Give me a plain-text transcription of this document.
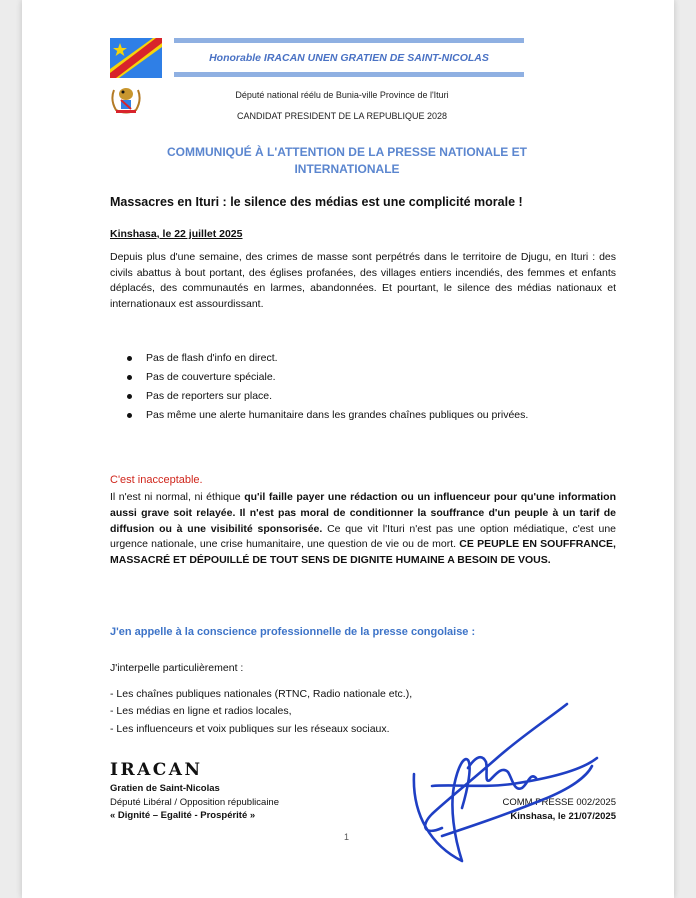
Honorable IRACAN UNEN GRATIEN DE SAINT-NICOLAS
Député national réélu de Bunia-ville Province de l'Ituri
CANDIDAT PRESIDENT DE LA REPUBLIQUE 2028
COMMUNIQUÉ À L'ATTENTION DE LA PRESSE NATIONALE ET
INTERNATIONALE
Massacres en Ituri : le silence des médias est une complicité morale !
Kinshasa, le 22 juillet 2025
Depuis plus d'une semaine, des crimes de masse sont perpétrés dans le territoire de Djugu, en Ituri : des civils abattus à bout portant, des églises profanées, des villages entiers incendiés, des femmes et enfants déplacés, des communautés en larmes, abandonnées. Et pourtant, le silence des médias nationaux et internationaux est assourdissant.
Pas de flash d'info en direct.
Pas de couverture spéciale.
Pas de reporters sur place.
Pas même une alerte humanitaire dans les grandes chaînes publiques ou privées.
C'est inacceptable.
Il n'est ni normal, ni éthique qu'il faille payer une rédaction ou un influenceur pour qu'une information aussi grave soit relayée. Il n'est pas moral de conditionner la souffrance d'un peuple à un tarif de diffusion ou à une visibilité sponsorisée. Ce que vit l'Ituri n'est pas une option médiatique, c'est une urgence nationale, une crise humanitaire, une question de vie ou de mort. CE PEUPLE EN SOUFFRANCE, MASSACRÉ ET DÉPOUILLÉ DE TOUT SENS DE DIGNITE HUMAINE A BESOIN DE VOUS.
J'en appelle à la conscience professionnelle de la presse congolaise :
J'interpelle particulièrement :
- Les chaînes publiques nationales (RTNC, Radio nationale etc.),
- Les médias en ligne et radios locales,
- Les influenceurs et voix publiques sur les réseaux sociaux.
IRACAN
Gratien de Saint-Nicolas
Député Libéral / Opposition républicaine
« Dignité – Egalité - Prospérité »
COMM PRESSE 002/2025
Kinshasa, le 21/07/2025
1
